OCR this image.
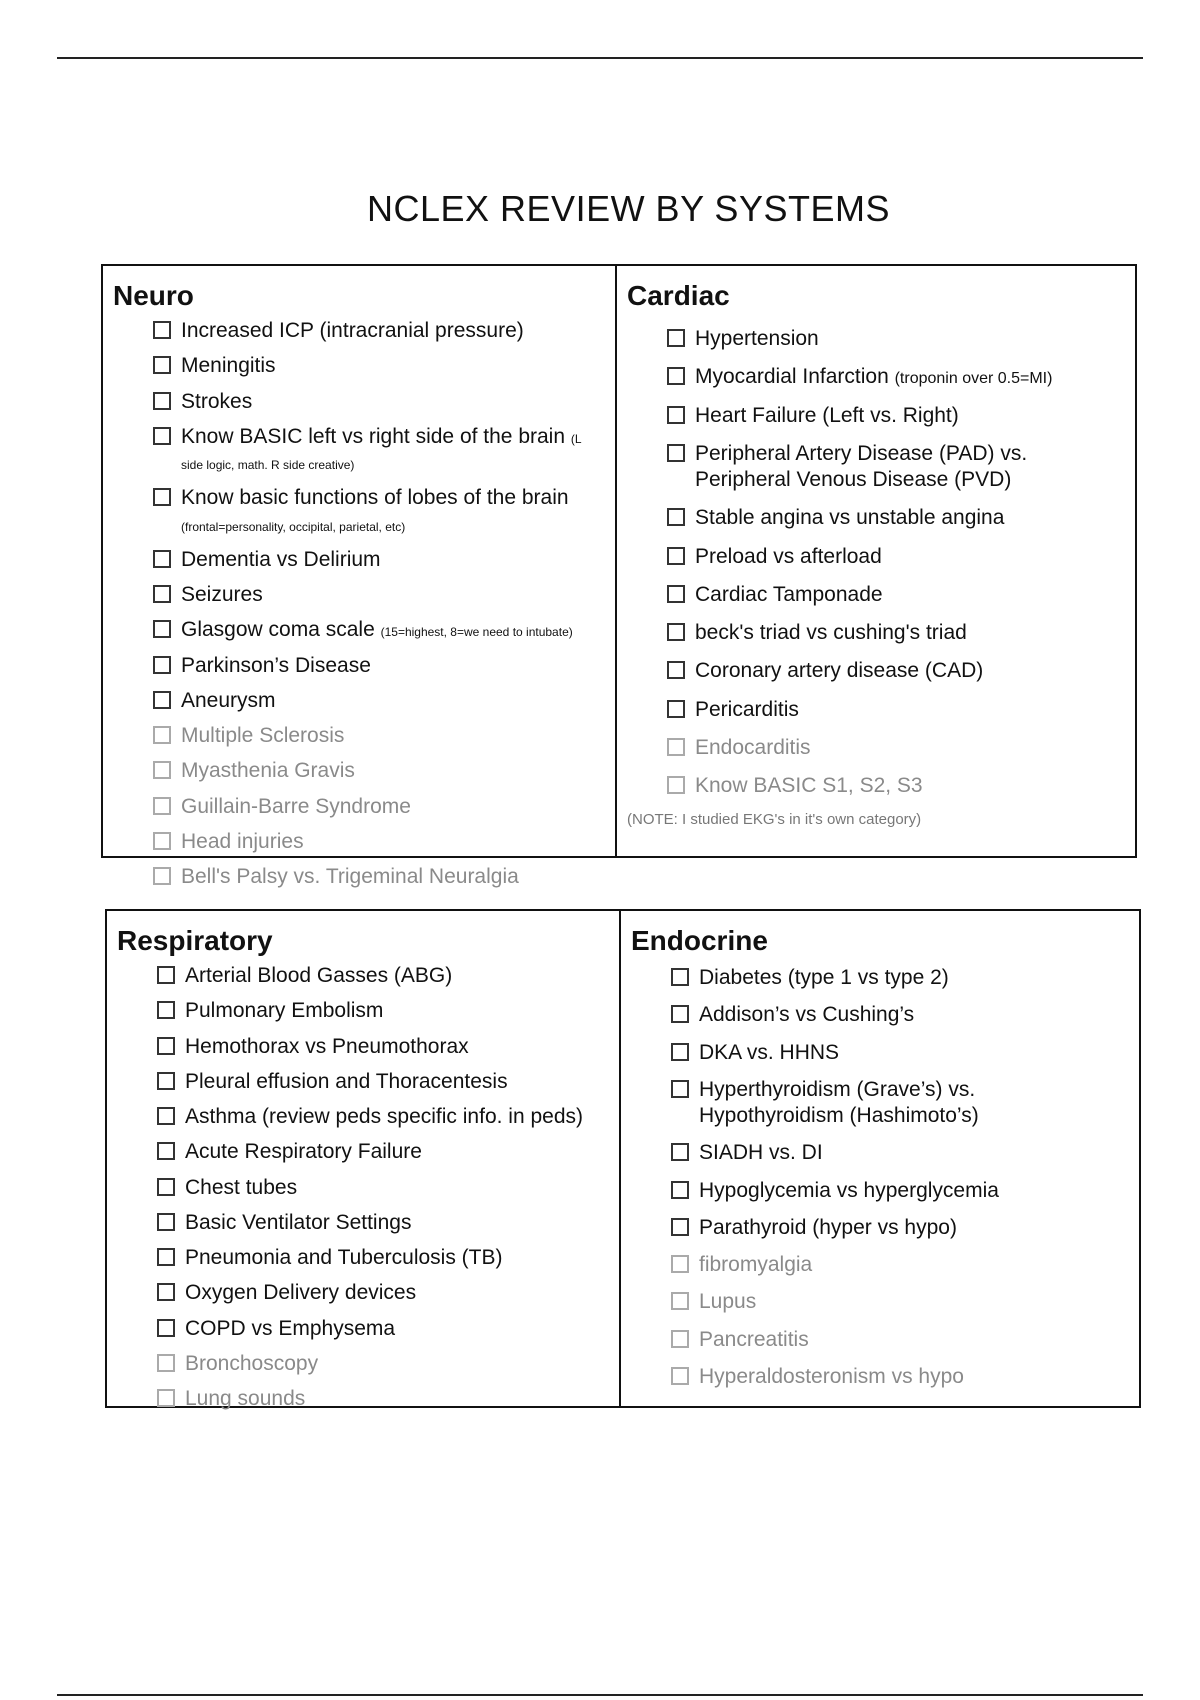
NCLEX REVIEW BY SYSTEMS
Neuro
Increased ICP (intracranial pressure)
Meningitis
Strokes
Know BASIC left vs right side of the brain (L side logic, math. R side creative)
Know basic functions of lobes of the brain
(frontal=personality, occipital, parietal, etc)
Dementia vs Delirium
Seizures
Glasgow coma scale (15=highest, 8=we need to intubate)
Parkinson’s Disease
Aneurysm
Multiple Sclerosis
Myasthenia Gravis
Guillain-Barre Syndrome
Head injuries
Bell's Palsy vs. Trigeminal Neuralgia
Cardiac
Hypertension
Myocardial Infarction (troponin over 0.5=MI)
Heart Failure (Left vs. Right)
Peripheral Artery Disease (PAD) vs.
Peripheral Venous Disease (PVD)
Stable angina vs unstable angina
Preload vs afterload
Cardiac Tamponade
beck's triad vs cushing's triad
Coronary artery disease (CAD)
Pericarditis
Endocarditis
Know BASIC S1, S2, S3
(NOTE: I studied EKG's in it's own category)
Respiratory
Arterial Blood Gasses (ABG)
Pulmonary Embolism
Hemothorax vs Pneumothorax
Pleural effusion and Thoracentesis
Asthma (review peds specific info. in peds)
Acute Respiratory Failure
Chest tubes
Basic Ventilator Settings
Pneumonia and Tuberculosis (TB)
Oxygen Delivery devices
COPD vs Emphysema
Bronchoscopy
Lung sounds
Endocrine
Diabetes (type 1 vs type 2)
Addison’s vs Cushing’s
DKA vs. HHNS
Hyperthyroidism (Grave’s) vs.
Hypothyroidism (Hashimoto’s)
SIADH vs. DI
Hypoglycemia vs hyperglycemia
Parathyroid (hyper vs hypo)
fibromyalgia
Lupus
Pancreatitis
Hyperaldosteronism vs hypo
